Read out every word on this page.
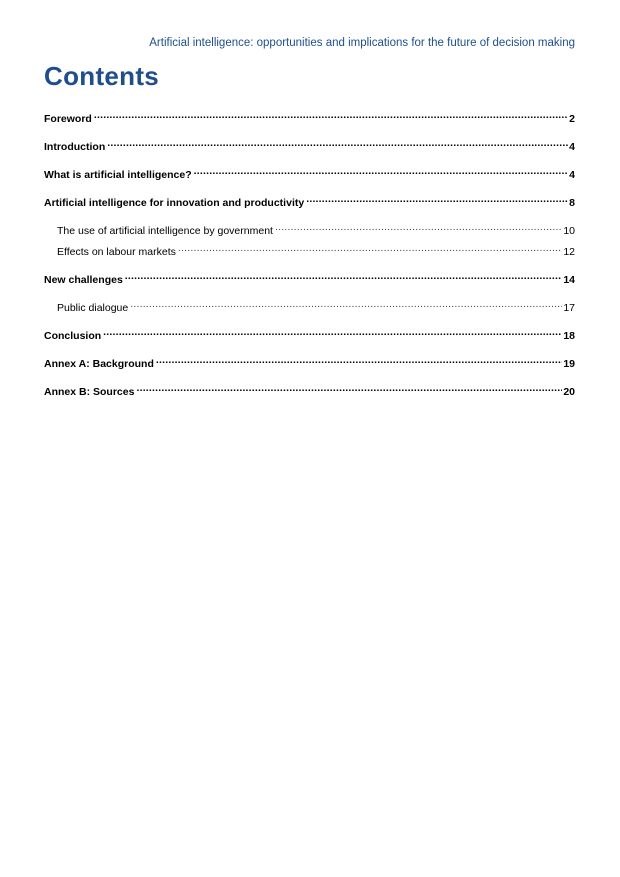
Artificial intelligence: opportunities and implications for the future of decision making
Contents
Foreword .....	2
Introduction .....	4
What is artificial intelligence? .....	4
Artificial intelligence for innovation and productivity .....	8
The use of artificial intelligence by government .....	10
Effects on labour markets .....	12
New challenges .....	14
Public dialogue .....	17
Conclusion .....	18
Annex A: Background .....	19
Annex B: Sources .....	20
